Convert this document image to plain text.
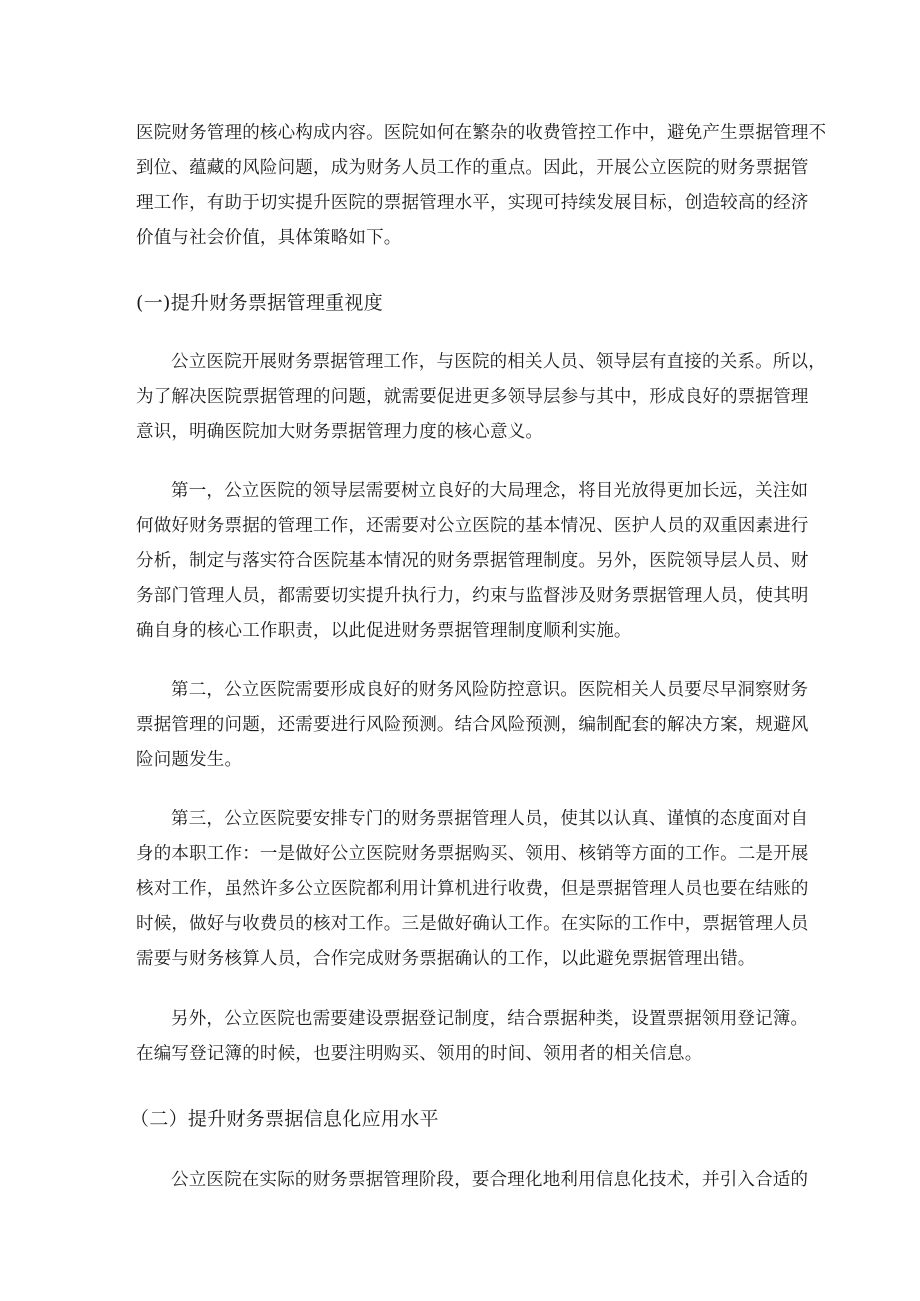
医院财务管理的核心构成内容。医院如何在繁杂的收费管控工作中，避免产生票据管理不
到位、蕴藏的风险问题，成为财务人员工作的重点。因此，开展公立医院的财务票据管
理工作，有助于切实提升医院的票据管理水平，实现可持续发展目标，创造较高的经济
价值与社会价值，具体策略如下。
(一)提升财务票据管理重视度
公立医院开展财务票据管理工作，与医院的相关人员、领导层有直接的关系。所以，
为了解决医院票据管理的问题，就需要促进更多领导层参与其中，形成良好的票据管理
意识，明确医院加大财务票据管理力度的核心意义。
第一，公立医院的领导层需要树立良好的大局理念，将目光放得更加长远，关注如
何做好财务票据的管理工作，还需要对公立医院的基本情况、医护人员的双重因素进行
分析，制定与落实符合医院基本情况的财务票据管理制度。另外，医院领导层人员、财
务部门管理人员，都需要切实提升执行力，约束与监督涉及财务票据管理人员，使其明
确自身的核心工作职责，以此促进财务票据管理制度顺利实施。
第二，公立医院需要形成良好的财务风险防控意识。医院相关人员要尽早洞察财务
票据管理的问题，还需要进行风险预测。结合风险预测，编制配套的解决方案，规避风
险问题发生。
第三，公立医院要安排专门的财务票据管理人员，使其以认真、谨慎的态度面对自
身的本职工作：一是做好公立医院财务票据购买、领用、核销等方面的工作。二是开展
核对工作，虽然许多公立医院都利用计算机进行收费，但是票据管理人员也要在结账的
时候，做好与收费员的核对工作。三是做好确认工作。在实际的工作中，票据管理人员
需要与财务核算人员，合作完成财务票据确认的工作，以此避免票据管理出错。
另外，公立医院也需要建设票据登记制度，结合票据种类，设置票据领用登记簿。
在编写登记簿的时候，也要注明购买、领用的时间、领用者的相关信息。
（二）提升财务票据信息化应用水平
公立医院在实际的财务票据管理阶段，要合理化地利用信息化技术，并引入合适的
